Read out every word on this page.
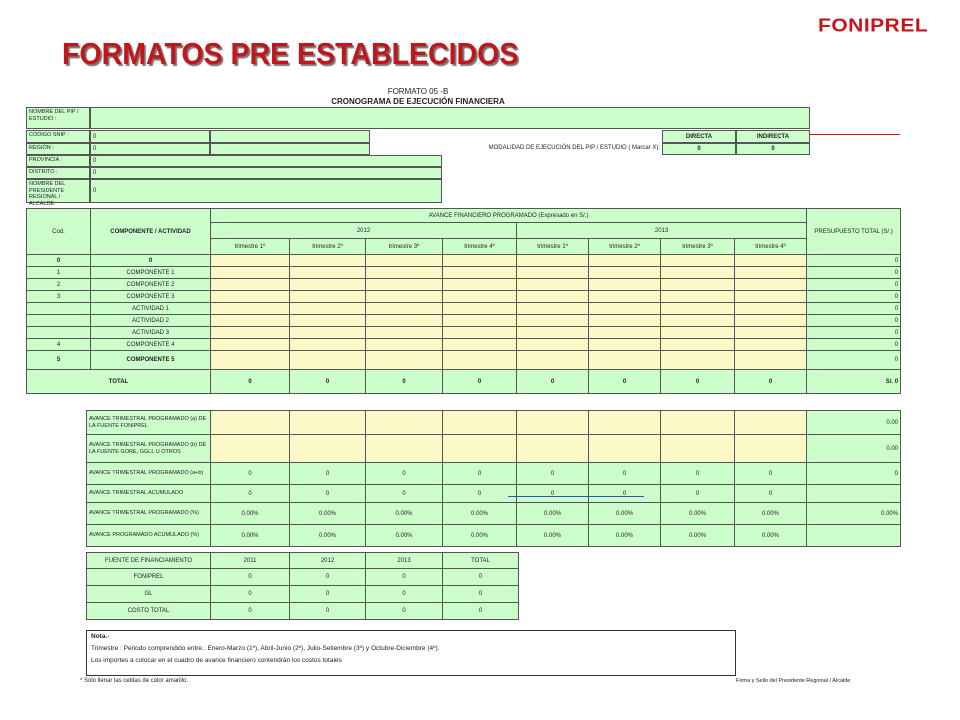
FONIPREL
FORMATOS PRE ESTABLECIDOS
FORMATO 05 -B
CRONOGRAMA DE EJECUCIÓN FINANCIERA
NOMBRE DEL PIP / ESTUDIO :
CODIGO SNIP :	0
REGIÓN :	0
DIRECTA	INDIRECTA
MODALIDAD DE EJECUCIÓN DEL PIP / ESTUDIO ( Marcar X):	0	0
PROVINCIA :	0
DISTRITO :	0
NOMBRE DEL PRESIDENTE REGIONAL / ALCALDE:
0
Cod.	COMPONENTE / ACTIVIDAD	AVANCE FINANCIERO PROGRAMADO (Expresado en S/.)								PRESUPUESTO TOTAL (S/.)
		2012				2013				
		trimestre 1º	trimestre 2º	trimestre 3º	trimestre 4º	trimestre 1º	trimestre 2º	trimestre 3º	trimestre 4º	
0	0									0
1	COMPONENTE 1									0
2	COMPONENTE 2									0
3	COMPONENTE 3									0
	ACTIVIDAD 1									0
	ACTIVIDAD 2									0
	ACTIVIDAD 3									0
4	COMPONENTE 4									0
5	COMPONENTE 5									0
TOTAL		0	0	0	0	0	0	0	0	S/. 0
AVANCE TRIMESTRAL PROGRAMADO (a) DE LA FUENTE FONIPREL									0.00
AVANCE TRIMESTRAL PROGRAMADO (b) DE LA FUENTE GORE, GGLL U OTROS									0.00
AVANCE TRIMESTRAL PROGRAMADO (a+b)	0	0	0	0	0	0	0	0	0
AVANCE TRIMESTRAL ACUMULADO	0	0	0	0	0	0	0	0	
AVANCE TRIMESTRAL PROGRAMADO (%)	0.00%	0.00%	0.00%	0.00%	0.00%	0.00%	0.00%	0.00%	0.00%
AVANCE PROGRAMADO ACUMULADO (%)	0.00%	0.00%	0.00%	0.00%	0.00%	0.00%	0.00%	0.00%	
FUENTE DE FINANCIAMIENTO	2011	2012	2013	TOTAL
FONIPREL	0	0	0	0
GL	0	0	0	0
COSTO TOTAL	0	0	0	0
Nota.-
Trimestre : Periodo comprendido entre.. Enero-Marzo (1º), Abril-Junio (2º), Julio-Setiembre (3º) y Octubre-Diciembre (4º).
Los importes a colocar en el cuadro de avance financiero contendrán los costos totales
* Sólo llenar las celdas de color amarillo.	Firma y Sello del Presidente Regional / Alcalde
